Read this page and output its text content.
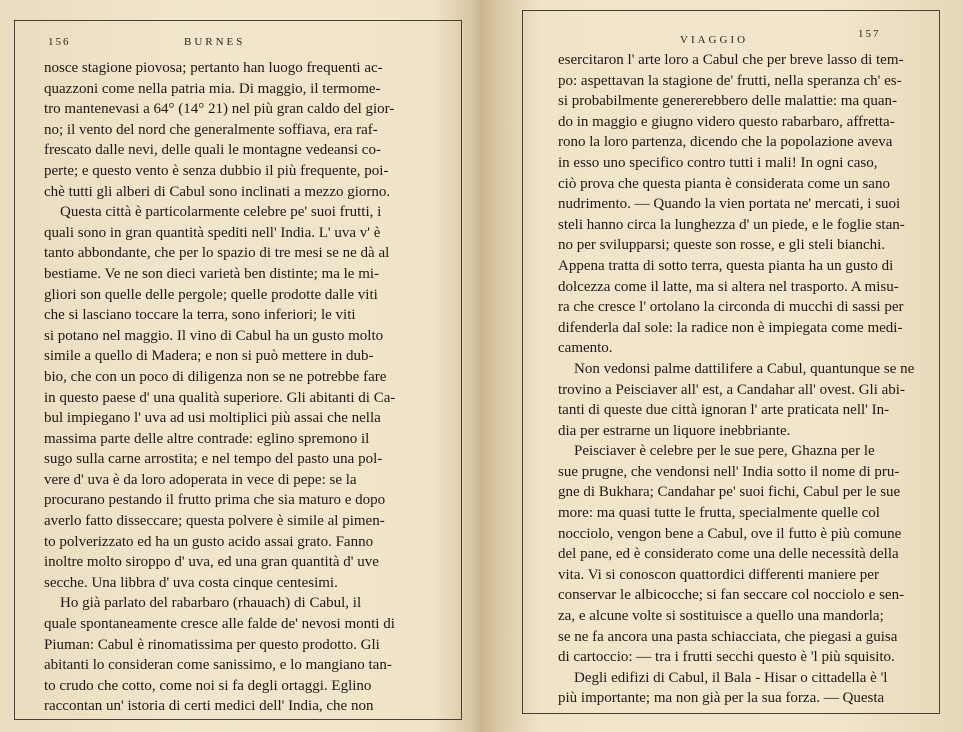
156	BURNES
nosce stagione piovosa; pertanto han luogo frequenti ac-
quazzoni come nella patria mia. Di maggio, il termome-
tro mantenevasi a 64° (14° 21) nel più gran caldo del gior-
no; il vento del nord che generalmente soffiava, era raf-
frescato dalle nevi, delle quali le montagne vedeansi co-
perte; e questo vento è senza dubbio il più frequente, poi-
chè tutti gli alberi di Cabul sono inclinati a mezzo giorno.
Questa città è particolarmente celebre pe' suoi frutti, i
quali sono in gran quantità spediti nell' India. L' uva v' è
tanto abbondante, che per lo spazio di tre mesi se ne dà al
bestiame. Ve ne son dieci varietà ben distinte; ma le mi-
gliori son quelle delle pergole; quelle prodotte dalle viti
che si lasciano toccare la terra, sono inferiori; le viti
si potano nel maggio. Il vino di Cabul ha un gusto molto
simile a quello di Madera; e non si può mettere in dub-
bio, che con un poco di diligenza non se ne potrebbe fare
in questo paese d' una qualità superiore. Gli abitanti di Ca-
bul impiegano l' uva ad usi moltiplici più assai che nella
massima parte delle altre contrade: eglino spremono il
sugo sulla carne arrostita; e nel tempo del pasto una pol-
vere d' uva è da loro adoperata in vece di pepe: se la
procurano pestando il frutto prima che sia maturo e dopo
averlo fatto disseccare; questa polvere è simile al pimen-
to polverizzato ed ha un gusto acido assai grato. Fanno
inoltre molto siroppo d' uva, ed una gran quantità d' uve
secche. Una libbra d' uva costa cinque centesimi.
Ho già parlato del rabarbaro (rhauach) di Cabul, il
quale spontaneamente cresce alle falde de' nevosi monti di
Piuman: Cabul è rinomatissima per questo prodotto. Gli
abitanti lo consideran come sanissimo, e lo mangiano tan-
to crudo che cotto, come noi si fa degli ortaggi. Eglino
raccontan un' istoria di certi medici dell' India, che non
VIAGGIO	157
esercitaron l' arte loro a Cabul che per breve lasso di tem-
po: aspettavan la stagione de' frutti, nella speranza ch' es-
si probabilmente genererebbero delle malattie: ma quan-
do in maggio e giugno videro questo rabarbaro, affretta-
rono la loro partenza, dicendo che la popolazione aveva
in esso uno specifico contro tutti i mali! In ogni caso,
ciò prova che questa pianta è considerata come un sano
nudrimento. — Quando la vien portata ne' mercati, i suoi
steli hanno circa la lunghezza d' un piede, e le foglie stan-
no per svilupparsi; queste son rosse, e gli steli bianchi.
Appena tratta di sotto terra, questa pianta ha un gusto di
dolcezza come il latte, ma si altera nel trasporto. A misu-
ra che cresce l' ortolano la circonda di mucchi di sassi per
difenderla dal sole: la radice non è impiegata come medi-
camento.
Non vedonsi palme dattilifere a Cabul, quantunque se ne
trovino a Peisciaver all' est, a Candahar all' ovest. Gli abi-
tanti di queste due città ignoran l' arte praticata nell' In-
dia per estrarne un liquore inebbriante.
Peisciaver è celebre per le sue pere, Ghazna per le
sue prugne, che vendonsi nell' India sotto il nome di pru-
gne di Bukhara; Candahar pe' suoi fichi, Cabul per le sue
more: ma quasi tutte le frutta, specialmente quelle col
nocciolo, vengon bene a Cabul, ove il futto è più comune
del pane, ed è considerato come una delle necessità della
vita. Vi si conoscon quattordici differenti maniere per
conservar le albicocche; si fan seccare col nocciolo e sen-
za, e alcune volte si sostituisce a quello una mandorla;
se ne fa ancora una pasta schiacciata, che piegasi a guisa
di cartoccio: — tra i frutti secchi questo è 'l più squisito.
Degli edifizi di Cabul, il Bala - Hisar o cittadella è 'l
più importante; ma non già per la sua forza. — Questa
